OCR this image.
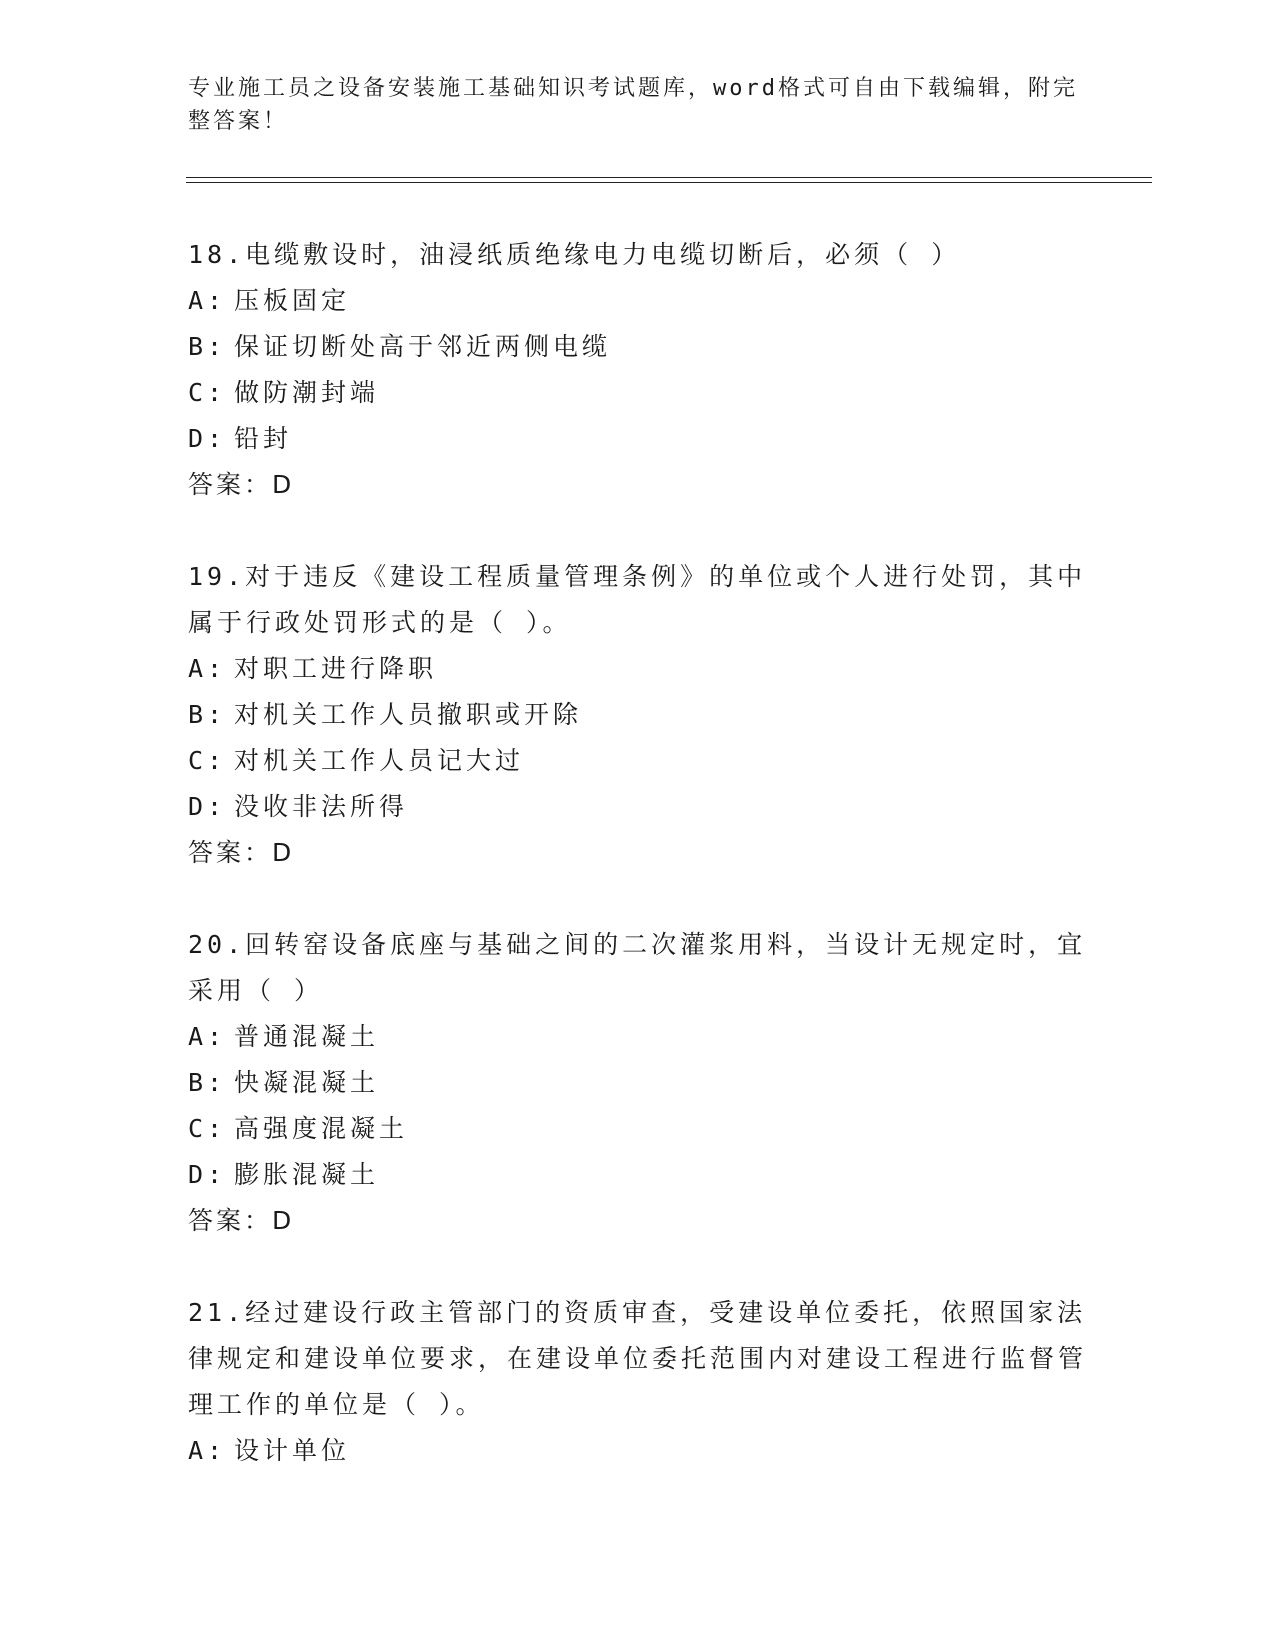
专业施工员之设备安装施工基础知识考试题库，word格式可自由下载编辑，附完整答案！

18.电缆敷设时，油浸纸质绝缘电力电缆切断后，必须（ ）

A: 压板固定

B: 保证切断处高于邻近两侧电缆

C: 做防潮封端

D: 铅封

答案：D

19.对于违反《建设工程质量管理条例》的单位或个人进行处罚，其中属于行政处罚形式的是（ ）。

A: 对职工进行降职

B: 对机关工作人员撤职或开除

C: 对机关工作人员记大过

D: 没收非法所得

答案：D

20.回转窑设备底座与基础之间的二次灌浆用料，当设计无规定时，宜采用（ ）

A: 普通混凝土

B: 快凝混凝土

C: 高强度混凝土

D: 膨胀混凝土

答案：D

21.经过建设行政主管部门的资质审查，受建设单位委托，依照国家法律规定和建设单位要求，在建设单位委托范围内对建设工程进行监督管理工作的单位是（ ）。

A: 设计单位
